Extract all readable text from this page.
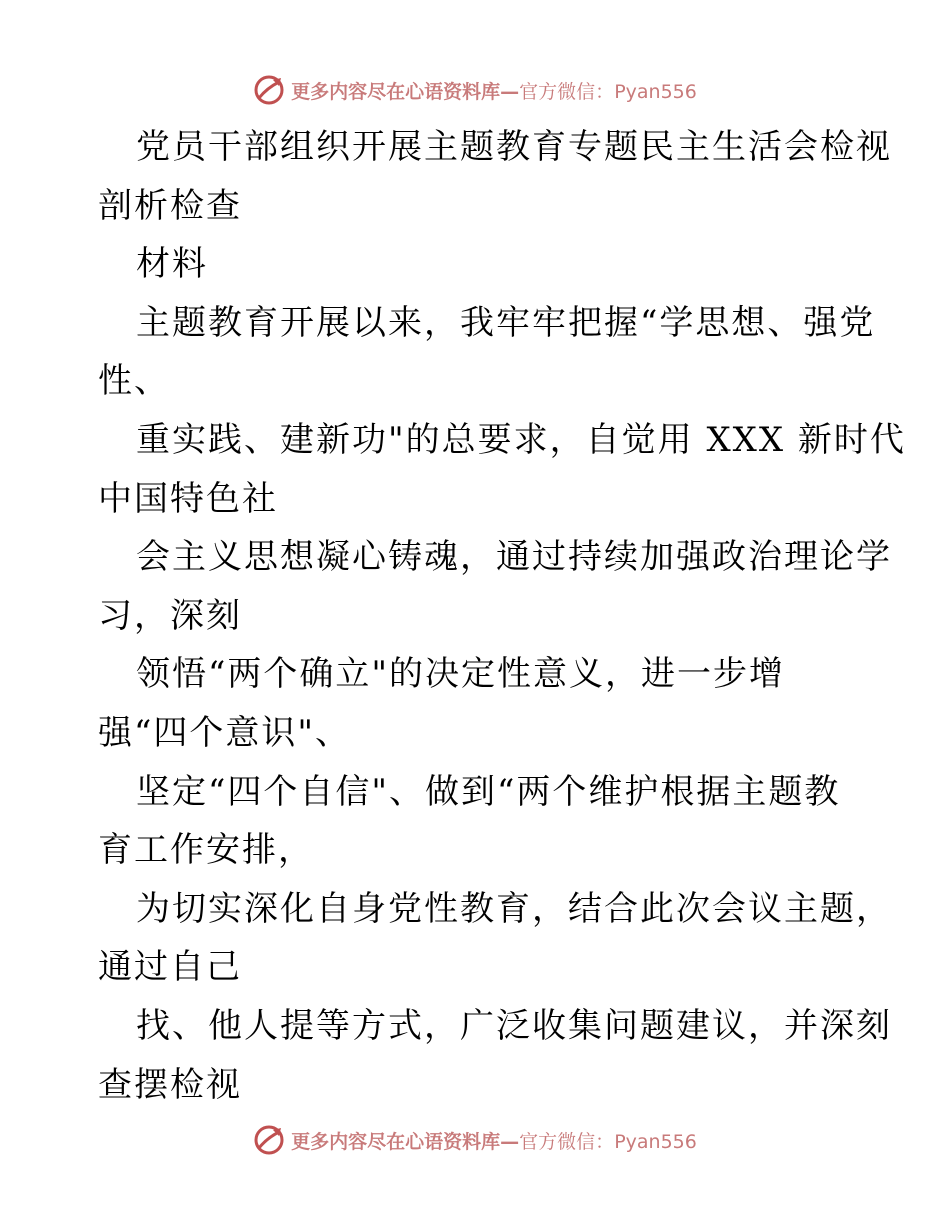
更多内容尽在心语资料库—官方微信：Pyan556
党员干部组织开展主题教育专题民主生活会检视
剖析检查
材料
主题教育开展以来，我牢牢把握“学思想、强党
性、
重实践、建新功"的总要求，自觉用 XXX 新时代
中国特色社
会主义思想凝心铸魂，通过持续加强政治理论学
习，深刻
领悟“两个确立"的决定性意义，进一步增
强“四个意识"、
坚定“四个自信"、做到“两个维护根据主题教
育工作安排，
为切实深化自身党性教育，结合此次会议主题，
通过自己
找、他人提等方式，广泛收集问题建议，并深刻
查摆检视
更多内容尽在心语资料库—官方微信：Pyan556
